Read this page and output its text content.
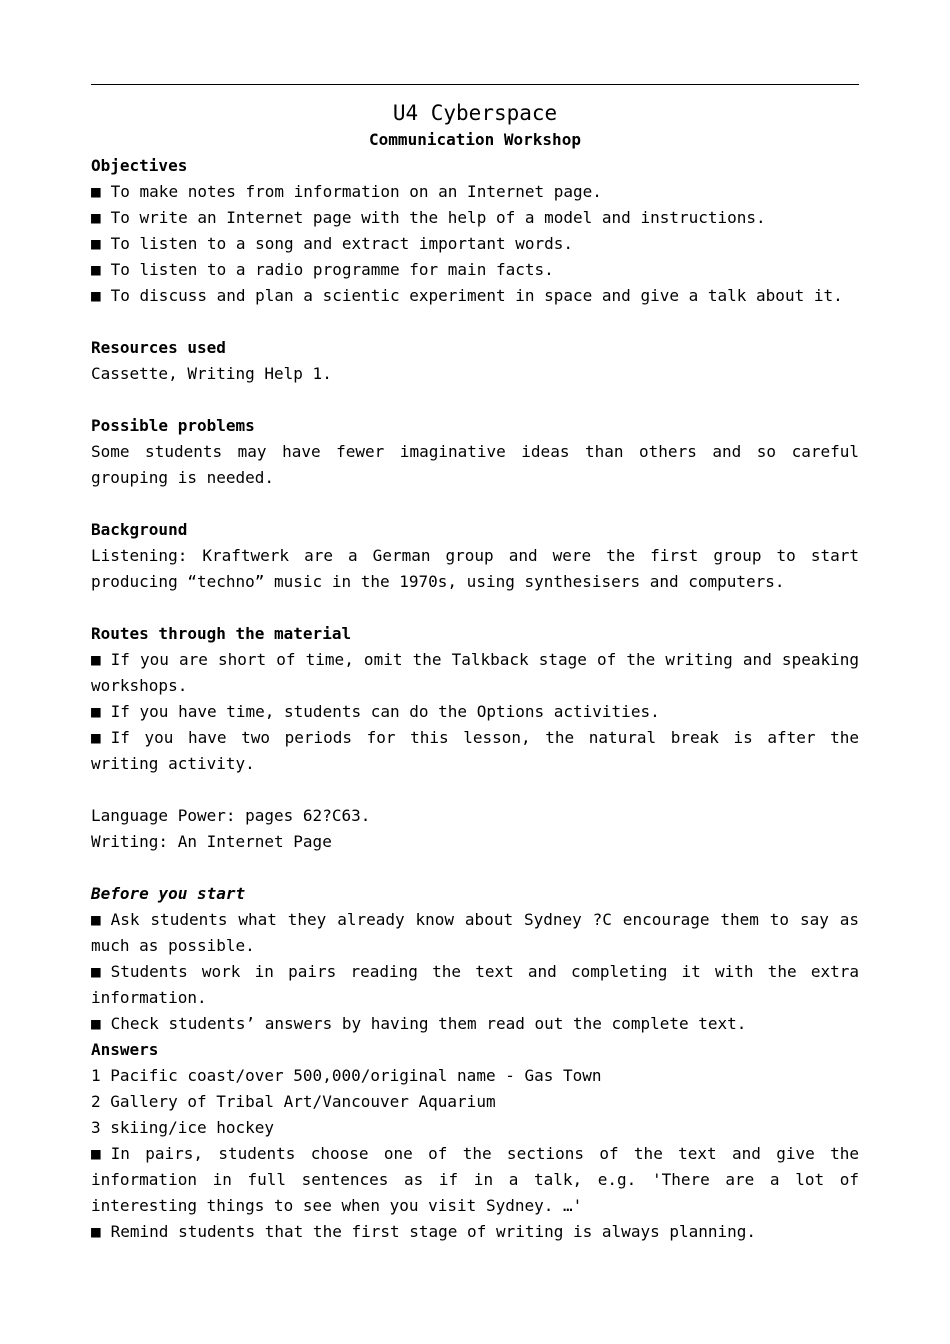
U4 Cyberspace

Communication Workshop

Objectives

■ To make notes from information on an Internet page.

■ To write an Internet page with the help of a model and instructions.

■ To listen to a song and extract important words.

■ To listen to a radio programme for main facts.

■ To discuss and plan a scientic experiment in space and give a talk about it.

Resources used

Cassette, Writing Help 1.

Possible problems

Some students may have fewer imaginative ideas than others and so careful grouping is needed.

Background

Listening: Kraftwerk are a German group and were the first group to start producing “techno” music in the 1970s, using synthesisers and computers.

Routes through the material

■ If you are short of time, omit the Talkback stage of the writing and speaking workshops.

■ If you have time, students can do the Options activities.

■ If you have two periods for this lesson, the natural break is after the writing activity.

Language Power: pages 62?C63.

Writing: An Internet Page

Before you start

■ Ask students what they already know about Sydney ?C encourage them to say as much as possible.

■ Students work in pairs reading the text and completing it with the extra information.

■ Check students’ answers by having them read out the complete text.

Answers

1 Pacific coast/over 500,000/original name - Gas Town

2 Gallery of Tribal Art/Vancouver Aquarium

3 skiing/ice hockey

■ In pairs, students choose one of the sections of the text and give the information in full sentences as if in a talk, e.g. 'There are a lot of interesting things to see when you visit Sydney. …'

■ Remind students that the first stage of writing is always planning.
